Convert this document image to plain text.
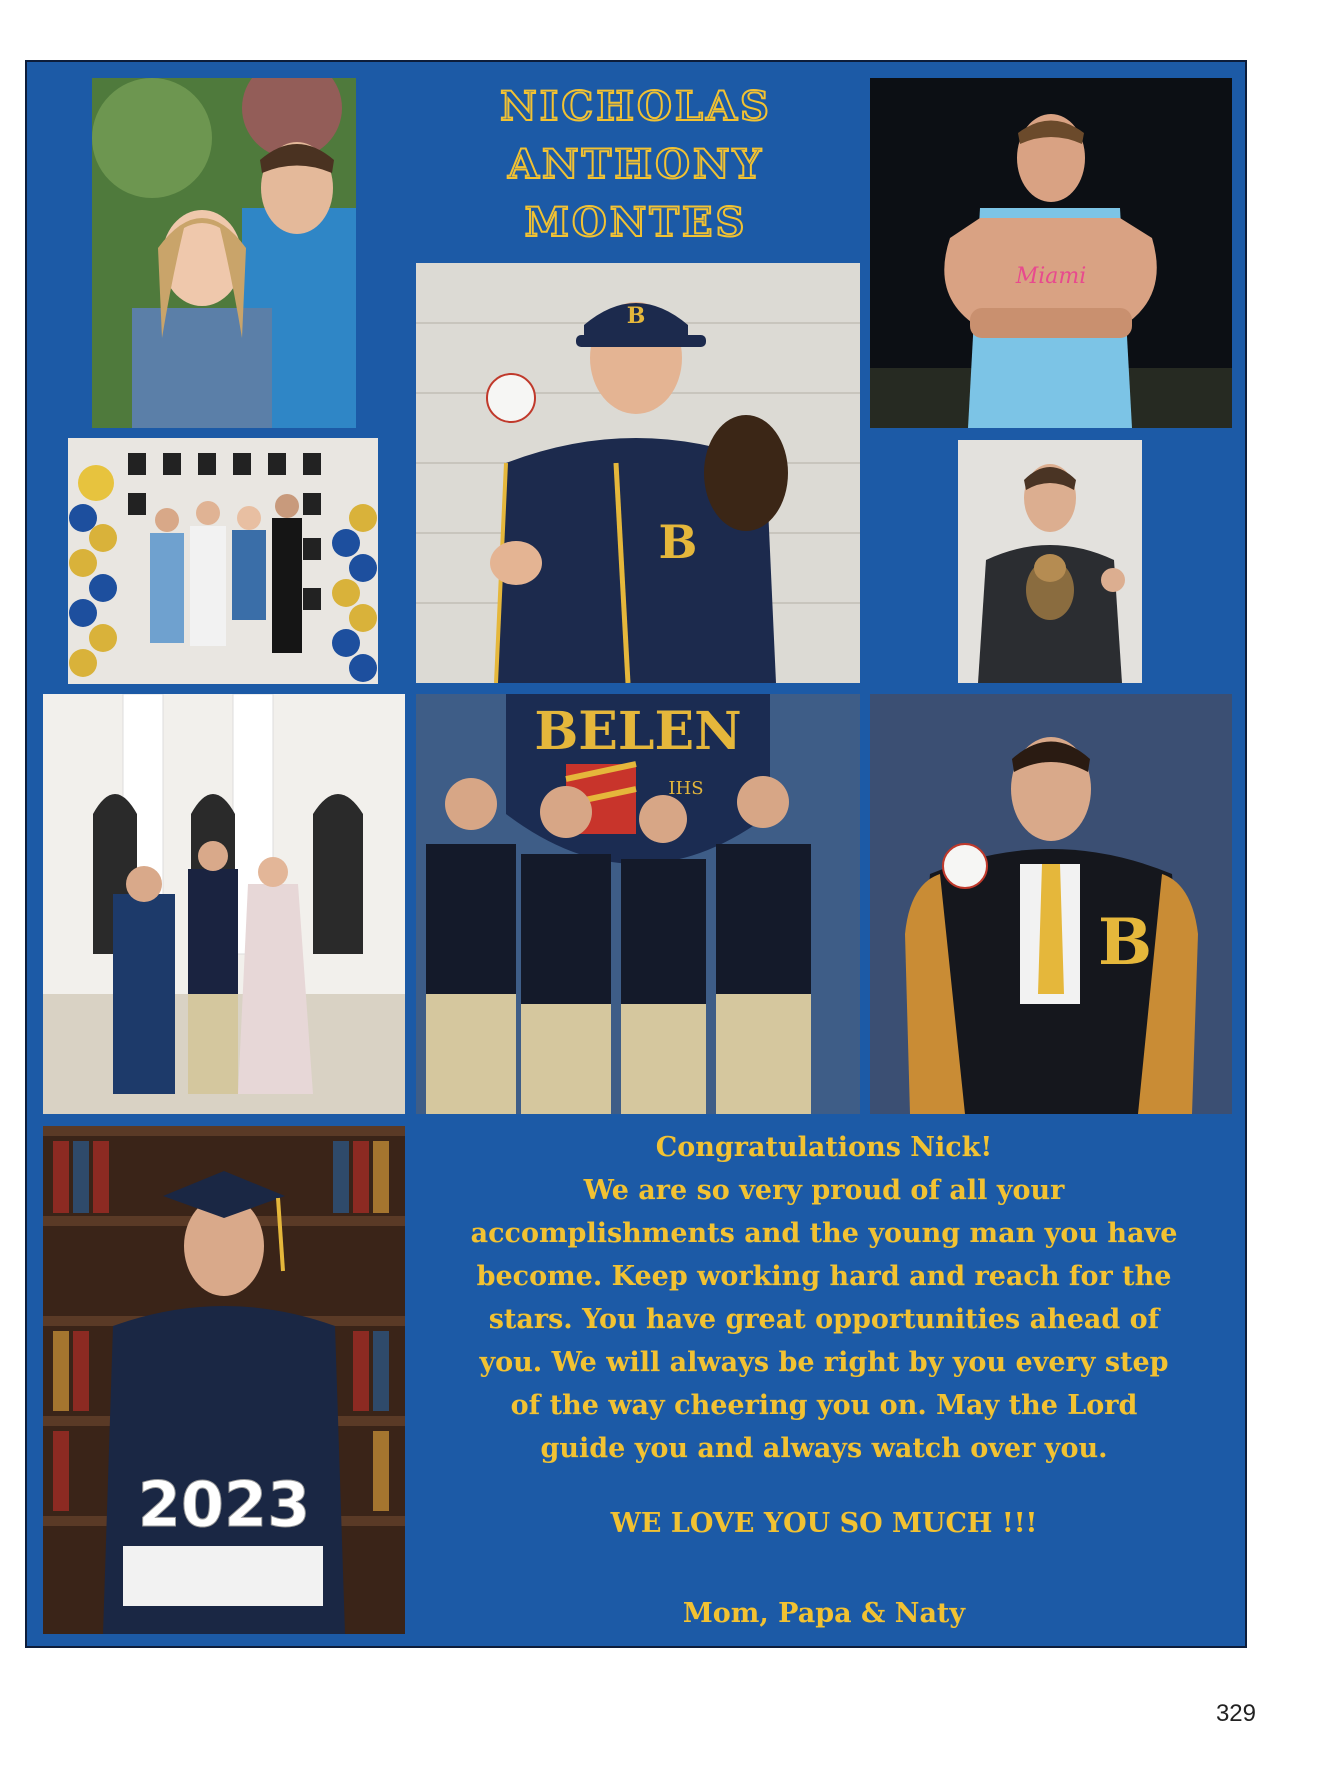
NICHOLAS
ANTHONY
MONTES
B
B
Miami
BELEN
IHS
B
2023
Congratulations Nick!
We are so very proud of all your
accomplishments and the young man you have
become. Keep working hard and reach for the
stars. You have great opportunities ahead of
you. We will always be right by you every step
of the way cheering you on. May the Lord
guide you and always watch over you.
WE LOVE YOU SO MUCH !!!
Mom, Papa & Naty
329
